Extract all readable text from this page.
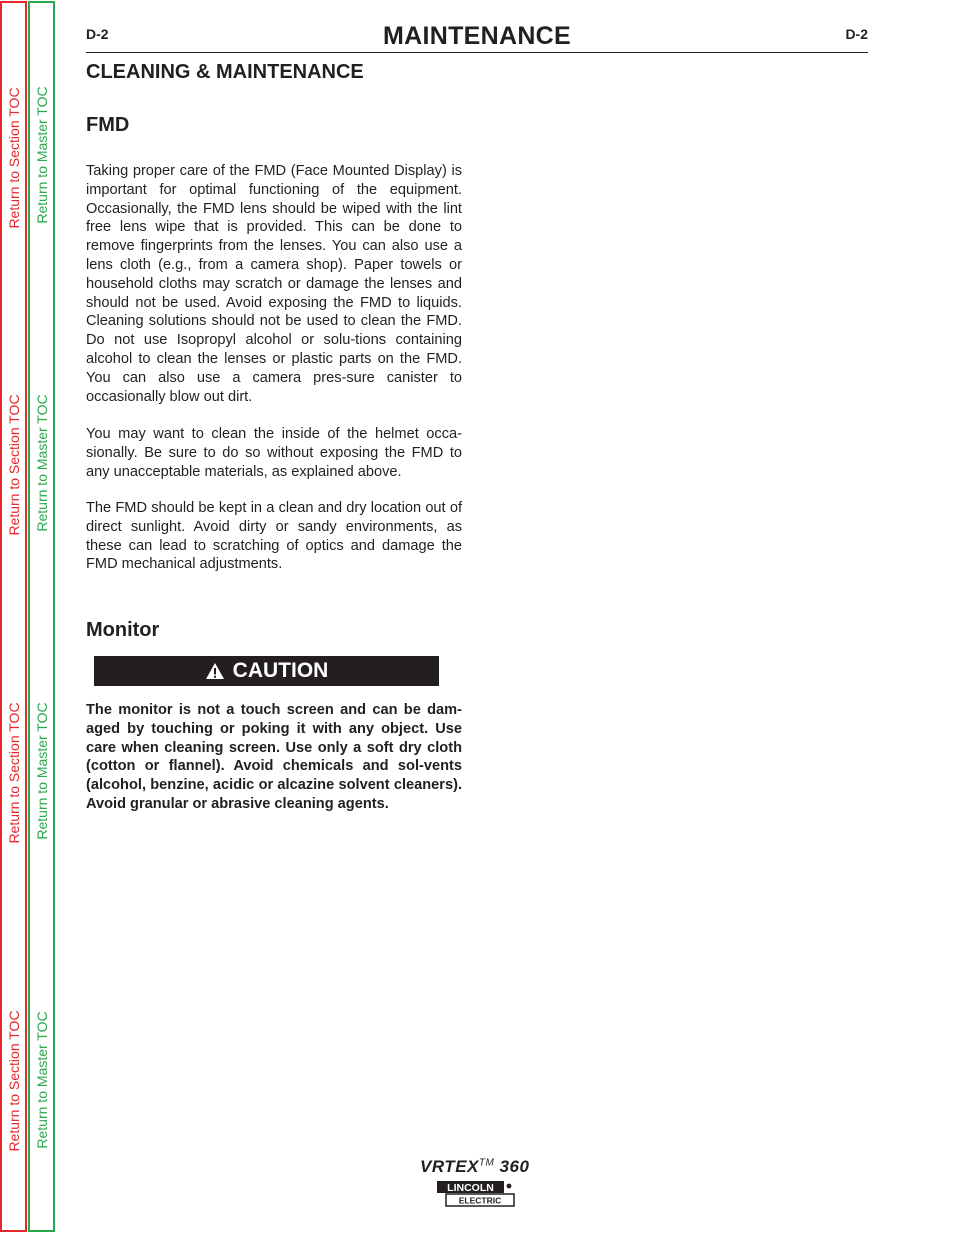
Return to Section TOC
Return to Section TOC
Return to Section TOC
Return to Section TOC
Return to Master TOC
Return to Master TOC
Return to Master TOC
Return to Master TOC
D-2	MAINTENANCE	D-2
CLEANING & MAINTENANCE
FMD

Taking proper care of the FMD (Face Mounted Display) is important for optimal functioning of the equipment. Occasionally, the FMD lens should be wiped with the lint free lens wipe that is provided. This can be done to remove fingerprints from the lenses. You can also use a lens cloth (e.g., from a camera shop). Paper towels or household cloths may scratch or damage the lenses and should not be used. Avoid exposing the FMD to liquids. Cleaning solutions should not be used to clean the FMD. Do not use Isopropyl alcohol or solu-tions containing alcohol to clean the lenses or plastic parts on the FMD. You can also use a camera pres-sure canister to occasionally blow out dirt.

You may want to clean the inside of the helmet occa-sionally. Be sure to do so without exposing the FMD to any unacceptable materials, as explained above.

The FMD should be kept in a clean and dry location out of direct sunlight. Avoid dirty or sandy environments, as these can lead to scratching of optics and damage the FMD mechanical adjustments.

Monitor
CAUTION

The monitor is not a touch screen and can be dam-aged by touching or poking it with any object. Use care when cleaning screen. Use only a soft dry cloth (cotton or flannel). Avoid chemicals and sol-vents (alcohol, benzine, acidic or alcazine solvent cleaners). Avoid granular or abrasive cleaning agents.

VRTEX™ 360
LINCOLN
ELECTRIC
